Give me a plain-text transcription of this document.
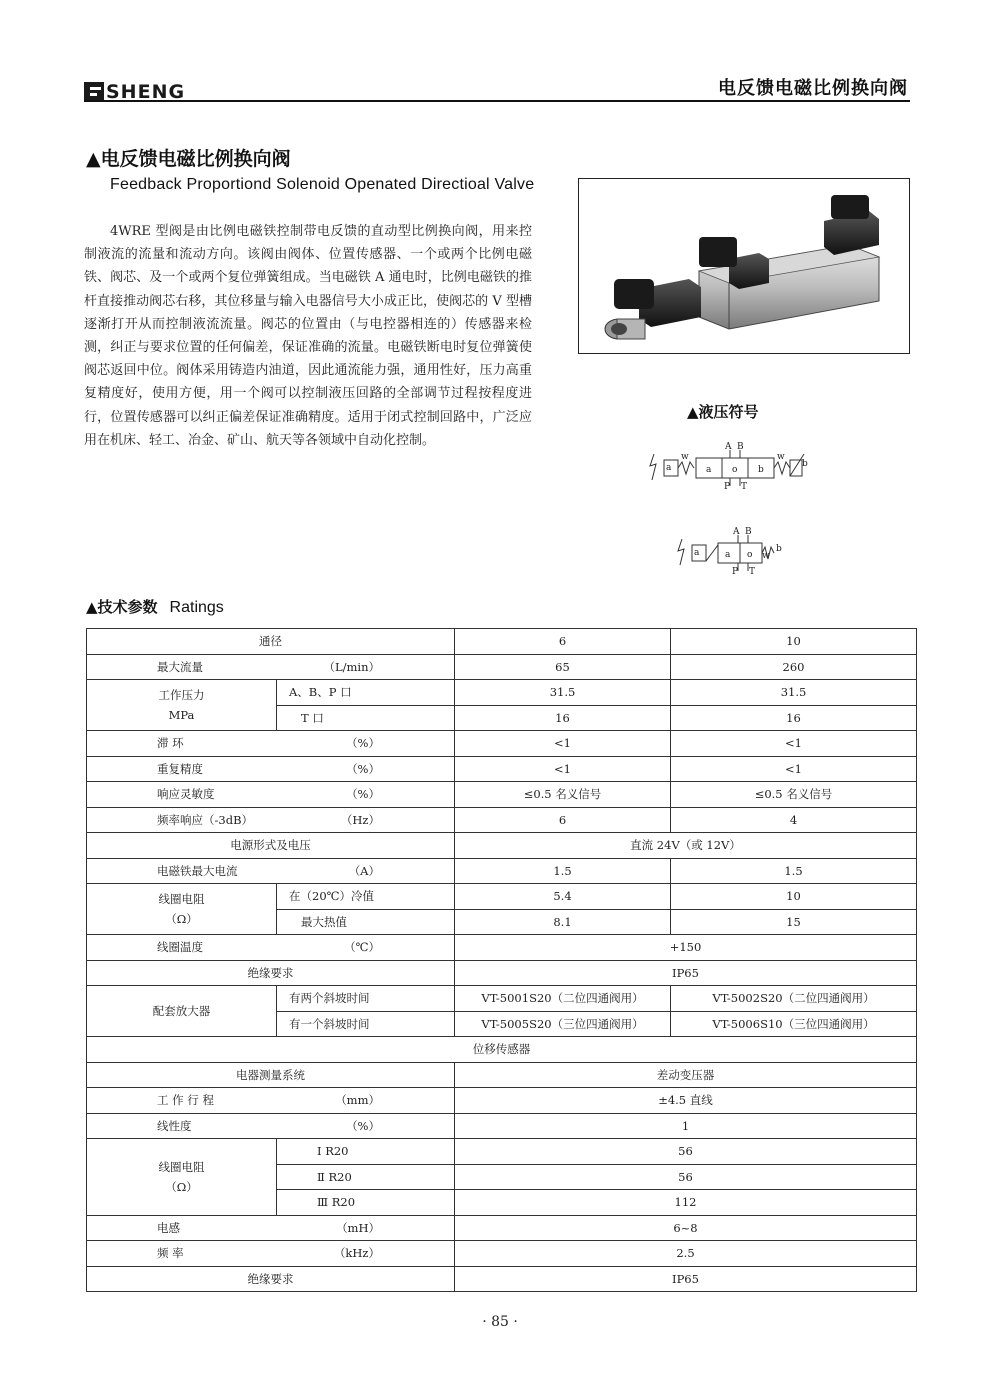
SHENG	电反馈电磁比例换向阀
▲电反馈电磁比例换向阀
Feedback Proportiond Solenoid Openated Directioal Valve
4WRE 型阀是由比例电磁铁控制带电反馈的直动型比例换向阀，用来控制液流的流量和流动方向。该阀由阀体、位置传感器、一个或两个比例电磁铁、阀芯、及一个或两个复位弹簧组成。当电磁铁 A 通电时，比例电磁铁的推杆直接推动阀芯右移，其位移量与输入电器信号大小成正比，使阀芯的 V 型槽逐渐打开从而控制液流流量。阀芯的位置由（与电控器相连的）传感器来检测，纠正与要求位置的任何偏差，保证准确的流量。电磁铁断电时复位弹簧使阀芯返回中位。阀体采用铸造内油道，因此通流能力强，通用性好，压力高重复精度好，使用方便，用一个阀可以控制液压回路的全部调节过程按程度进行，位置传感器可以纠正偏差保证准确精度。适用于闭式控制回路中，广泛应用在机床、轻工、冶金、矿山、航天等各领域中自动化控制。
▲液压符号
a
w
a o b
A B
P T
w
b
a	a o
A B
P T
w
b
▲技术参数 Ratings
通径		6	10
最大流量 （L/min）		65	260
工作压力
MPa	A、B、P 口	31.5	31.5
	T 口	16	16
滞 环 （%）		<1	<1
重复精度 （%）		<1	<1
响应灵敏度 （%）		≤0.5 名义信号	≤0.5 名义信号
频率响应（-3dB） （Hz）		6	4
电源形式及电压		直流 24V（或 12V）	
电磁铁最大电流 （A）		1.5	1.5
线圈电阻
（Ω）	在（20℃）冷值	5.4	10
	最大热值	8.1	15
线圈温度 （℃）		+150	
绝缘要求		IP65	
配套放大器	有两个斜坡时间	VT-5001S20（二位四通阀用）	VT-5002S20（二位四通阀用）
	有一个斜坡时间	VT-5005S20（三位四通阀用）	VT-5006S10（三位四通阀用）
位移传感器			
电器测量系统		差动变压器	
工 作 行 程 （mm）		±4.5 直线	
线性度 （%）		1	
线圈电阻
（Ω）	Ⅰ R20	56	
	Ⅱ R20	56	
	Ⅲ R20	112	
电感 （mH）		6~8	
频 率 （kHz）		2.5	
绝缘要求		IP65	
· 85 ·
